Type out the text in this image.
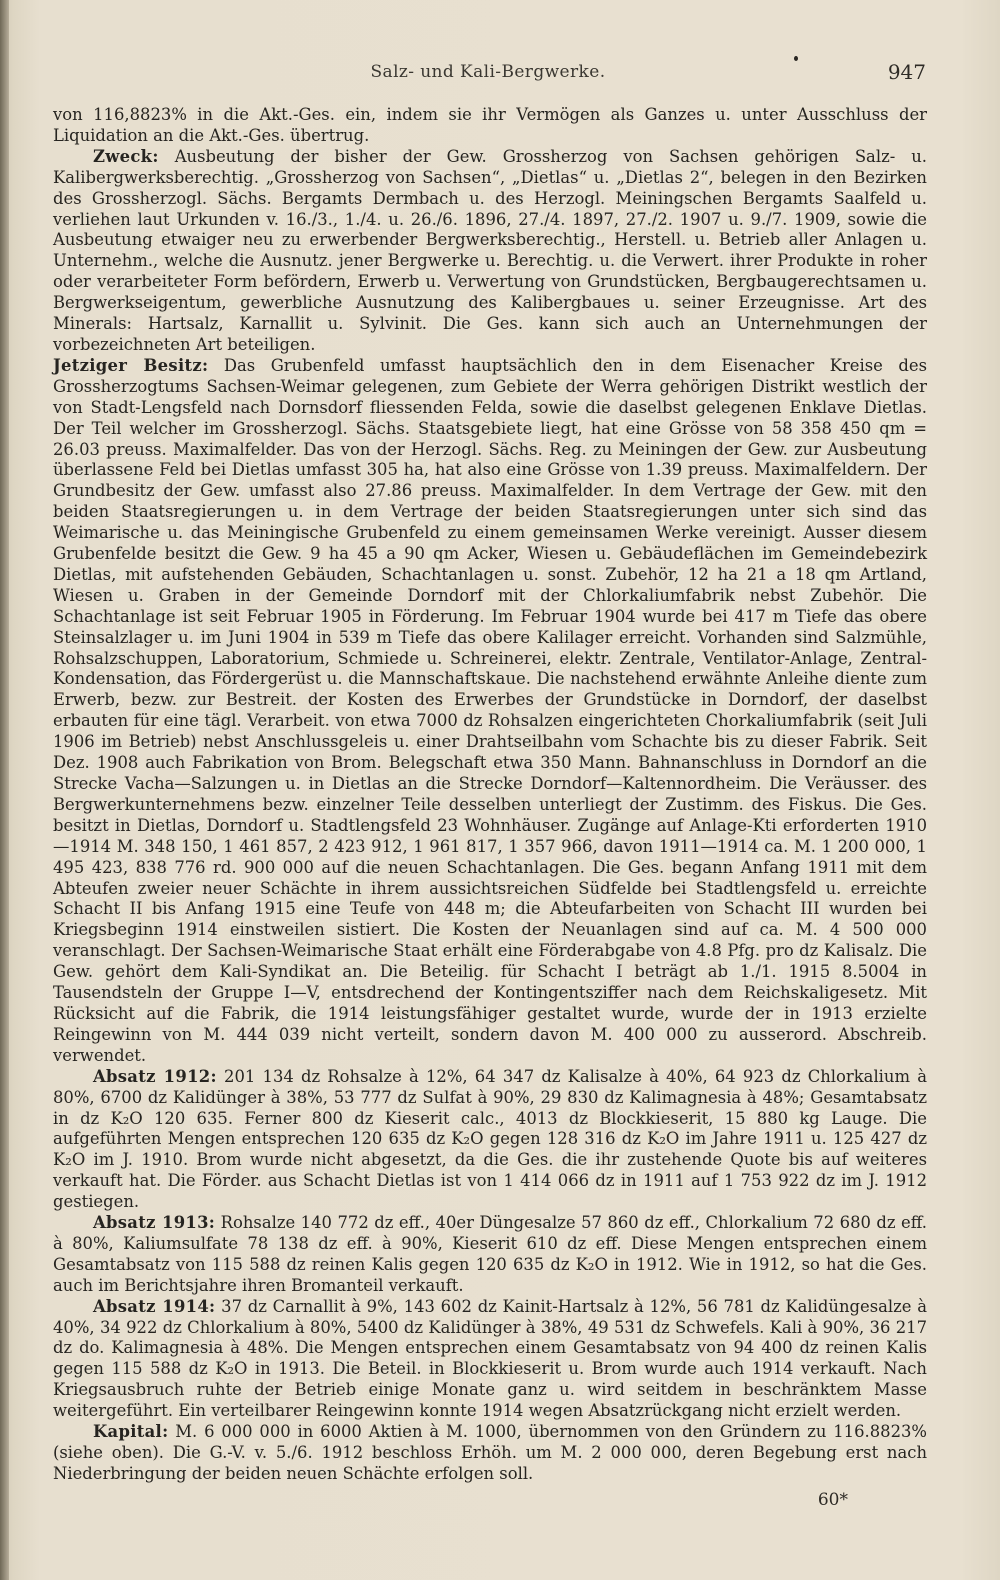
Salz- und Kali-Bergwerke.	947

von 116,8823% in die Akt.-Ges. ein, indem sie ihr Vermögen als Ganzes u. unter Ausschluss der Liquidation an die Akt.-Ges. übertrug.

Zweck: Ausbeutung der bisher der Gew. Grossherzog von Sachsen gehörigen Salz- u. Kalibergwerksberechtig. „Grossherzog von Sachsen“, „Dietlas“ u. „Dietlas 2“, belegen in den Bezirken des Grossherzogl. Sächs. Bergamts Dermbach u. des Herzogl. Meiningschen Bergamts Saalfeld u. verliehen laut Urkunden v. 16./3., 1./4. u. 26./6. 1896, 27./4. 1897, 27./2. 1907 u. 9./7. 1909, sowie die Ausbeutung etwaiger neu zu erwerbender Bergwerksberechtig., Herstell. u. Betrieb aller Anlagen u. Unternehm., welche die Ausnutz. jener Bergwerke u. Berechtig. u. die Verwert. ihrer Produkte in roher oder verarbeiteter Form befördern, Erwerb u. Verwertung von Grundstücken, Bergbaugerechtsamen u. Bergwerkseigentum, gewerbliche Ausnutzung des Kalibergbaues u. seiner Erzeugnisse. Art des Minerals: Hartsalz, Karnallit u. Sylvinit. Die Ges. kann sich auch an Unternehmungen der vorbezeichneten Art beteiligen.

Jetziger Besitz: Das Grubenfeld umfasst hauptsächlich den in dem Eisenacher Kreise des Grossherzogtums Sachsen-Weimar gelegenen, zum Gebiete der Werra gehörigen Distrikt westlich der von Stadt-Lengsfeld nach Dornsdorf fliessenden Felda, sowie die daselbst gelegenen Enklave Dietlas. Der Teil welcher im Grossherzogl. Sächs. Staatsgebiete liegt, hat eine Grösse von 58 358 450 qm = 26.03 preuss. Maximalfelder. Das von der Herzogl. Sächs. Reg. zu Meiningen der Gew. zur Ausbeutung überlassene Feld bei Dietlas umfasst 305 ha, hat also eine Grösse von 1.39 preuss. Maximalfeldern. Der Grundbesitz der Gew. umfasst also 27.86 preuss. Maximalfelder. In dem Vertrage der Gew. mit den beiden Staatsregierungen u. in dem Vertrage der beiden Staatsregierungen unter sich sind das Weimarische u. das Meiningische Grubenfeld zu einem gemeinsamen Werke vereinigt. Ausser diesem Grubenfelde besitzt die Gew. 9 ha 45 a 90 qm Acker, Wiesen u. Gebäudeflächen im Gemeindebezirk Dietlas, mit aufstehenden Gebäuden, Schachtanlagen u. sonst. Zubehör, 12 ha 21 a 18 qm Artland, Wiesen u. Graben in der Gemeinde Dorndorf mit der Chlorkaliumfabrik nebst Zubehör. Die Schachtanlage ist seit Februar 1905 in Förderung. Im Februar 1904 wurde bei 417 m Tiefe das obere Steinsalzlager u. im Juni 1904 in 539 m Tiefe das obere Kalilager erreicht. Vorhanden sind Salzmühle, Rohsalzschuppen, Laboratorium, Schmiede u. Schreinerei, elektr. Zentrale, Ventilator-Anlage, Zentral-Kondensation, das Fördergerüst u. die Mannschaftskaue. Die nachstehend erwähnte Anleihe diente zum Erwerb, bezw. zur Bestreit. der Kosten des Erwerbes der Grundstücke in Dorndorf, der daselbst erbauten für eine tägl. Verarbeit. von etwa 7000 dz Rohsalzen eingerichteten Chorkaliumfabrik (seit Juli 1906 im Betrieb) nebst Anschlussgeleis u. einer Drahtseilbahn vom Schachte bis zu dieser Fabrik. Seit Dez. 1908 auch Fabrikation von Brom. Belegschaft etwa 350 Mann. Bahnanschluss in Dorndorf an die Strecke Vacha—Salzungen u. in Dietlas an die Strecke Dorndorf—Kaltennordheim. Die Veräusser. des Bergwerkunternehmens bezw. einzelner Teile desselben unterliegt der Zustimm. des Fiskus. Die Ges. besitzt in Dietlas, Dorndorf u. Stadtlengsfeld 23 Wohnhäuser. Zugänge auf Anlage-Kti erforderten 1910—1914 M. 348 150, 1 461 857, 2 423 912, 1 961 817, 1 357 966, davon 1911—1914 ca. M. 1 200 000, 1 495 423, 838 776 rd. 900 000 auf die neuen Schachtanlagen. Die Ges. begann Anfang 1911 mit dem Abteufen zweier neuer Schächte in ihrem aussichtsreichen Südfelde bei Stadtlengsfeld u. erreichte Schacht II bis Anfang 1915 eine Teufe von 448 m; die Abteufarbeiten von Schacht III wurden bei Kriegsbeginn 1914 einstweilen sistiert. Die Kosten der Neuanlagen sind auf ca. M. 4 500 000 veranschlagt. Der Sachsen-Weimarische Staat erhält eine Förderabgabe von 4.8 Pfg. pro dz Kalisalz. Die Gew. gehört dem Kali-Syndikat an. Die Beteilig. für Schacht I beträgt ab 1./1. 1915 8.5004 in Tausendsteln der Gruppe I—V, entsdrechend der Kontingentsziffer nach dem Reichskaligesetz. Mit Rücksicht auf die Fabrik, die 1914 leistungsfähiger gestaltet wurde, wurde der in 1913 erzielte Reingewinn von M. 444 039 nicht verteilt, sondern davon M. 400 000 zu ausserord. Abschreib. verwendet.

Absatz 1912: 201 134 dz Rohsalze à 12%, 64 347 dz Kalisalze à 40%, 64 923 dz Chlorkalium à 80%, 6700 dz Kalidünger à 38%, 53 777 dz Sulfat à 90%, 29 830 dz Kalimagnesia à 48%; Gesamtabsatz in dz K₂O 120 635. Ferner 800 dz Kieserit calc., 4013 dz Blockkieserit, 15 880 kg Lauge. Die aufgeführten Mengen entsprechen 120 635 dz K₂O gegen 128 316 dz K₂O im Jahre 1911 u. 125 427 dz K₂O im J. 1910. Brom wurde nicht abgesetzt, da die Ges. die ihr zustehende Quote bis auf weiteres verkauft hat. Die Förder. aus Schacht Dietlas ist von 1 414 066 dz in 1911 auf 1 753 922 dz im J. 1912 gestiegen.

Absatz 1913: Rohsalze 140 772 dz eff., 40er Düngesalze 57 860 dz eff., Chlorkalium 72 680 dz eff. à 80%, Kaliumsulfate 78 138 dz eff. à 90%, Kieserit 610 dz eff. Diese Mengen entsprechen einem Gesamtabsatz von 115 588 dz reinen Kalis gegen 120 635 dz K₂O in 1912. Wie in 1912, so hat die Ges. auch im Berichtsjahre ihren Bromanteil verkauft.

Absatz 1914: 37 dz Carnallit à 9%, 143 602 dz Kainit-Hartsalz à 12%, 56 781 dz Kalidüngesalze à 40%, 34 922 dz Chlorkalium à 80%, 5400 dz Kalidünger à 38%, 49 531 dz Schwefels. Kali à 90%, 36 217 dz do. Kalimagnesia à 48%. Die Mengen entsprechen einem Gesamtabsatz von 94 400 dz reinen Kalis gegen 115 588 dz K₂O in 1913. Die Beteil. in Blockkieserit u. Brom wurde auch 1914 verkauft. Nach Kriegsausbruch ruhte der Betrieb einige Monate ganz u. wird seitdem in beschränktem Masse weitergeführt. Ein verteilbarer Reingewinn konnte 1914 wegen Absatzrückgang nicht erzielt werden.

Kapital: M. 6 000 000 in 6000 Aktien à M. 1000, übernommen von den Gründern zu 116.8823% (siehe oben). Die G.-V. v. 5./6. 1912 beschloss Erhöh. um M. 2 000 000, deren Begebung erst nach Niederbringung der beiden neuen Schächte erfolgen soll.

60*
